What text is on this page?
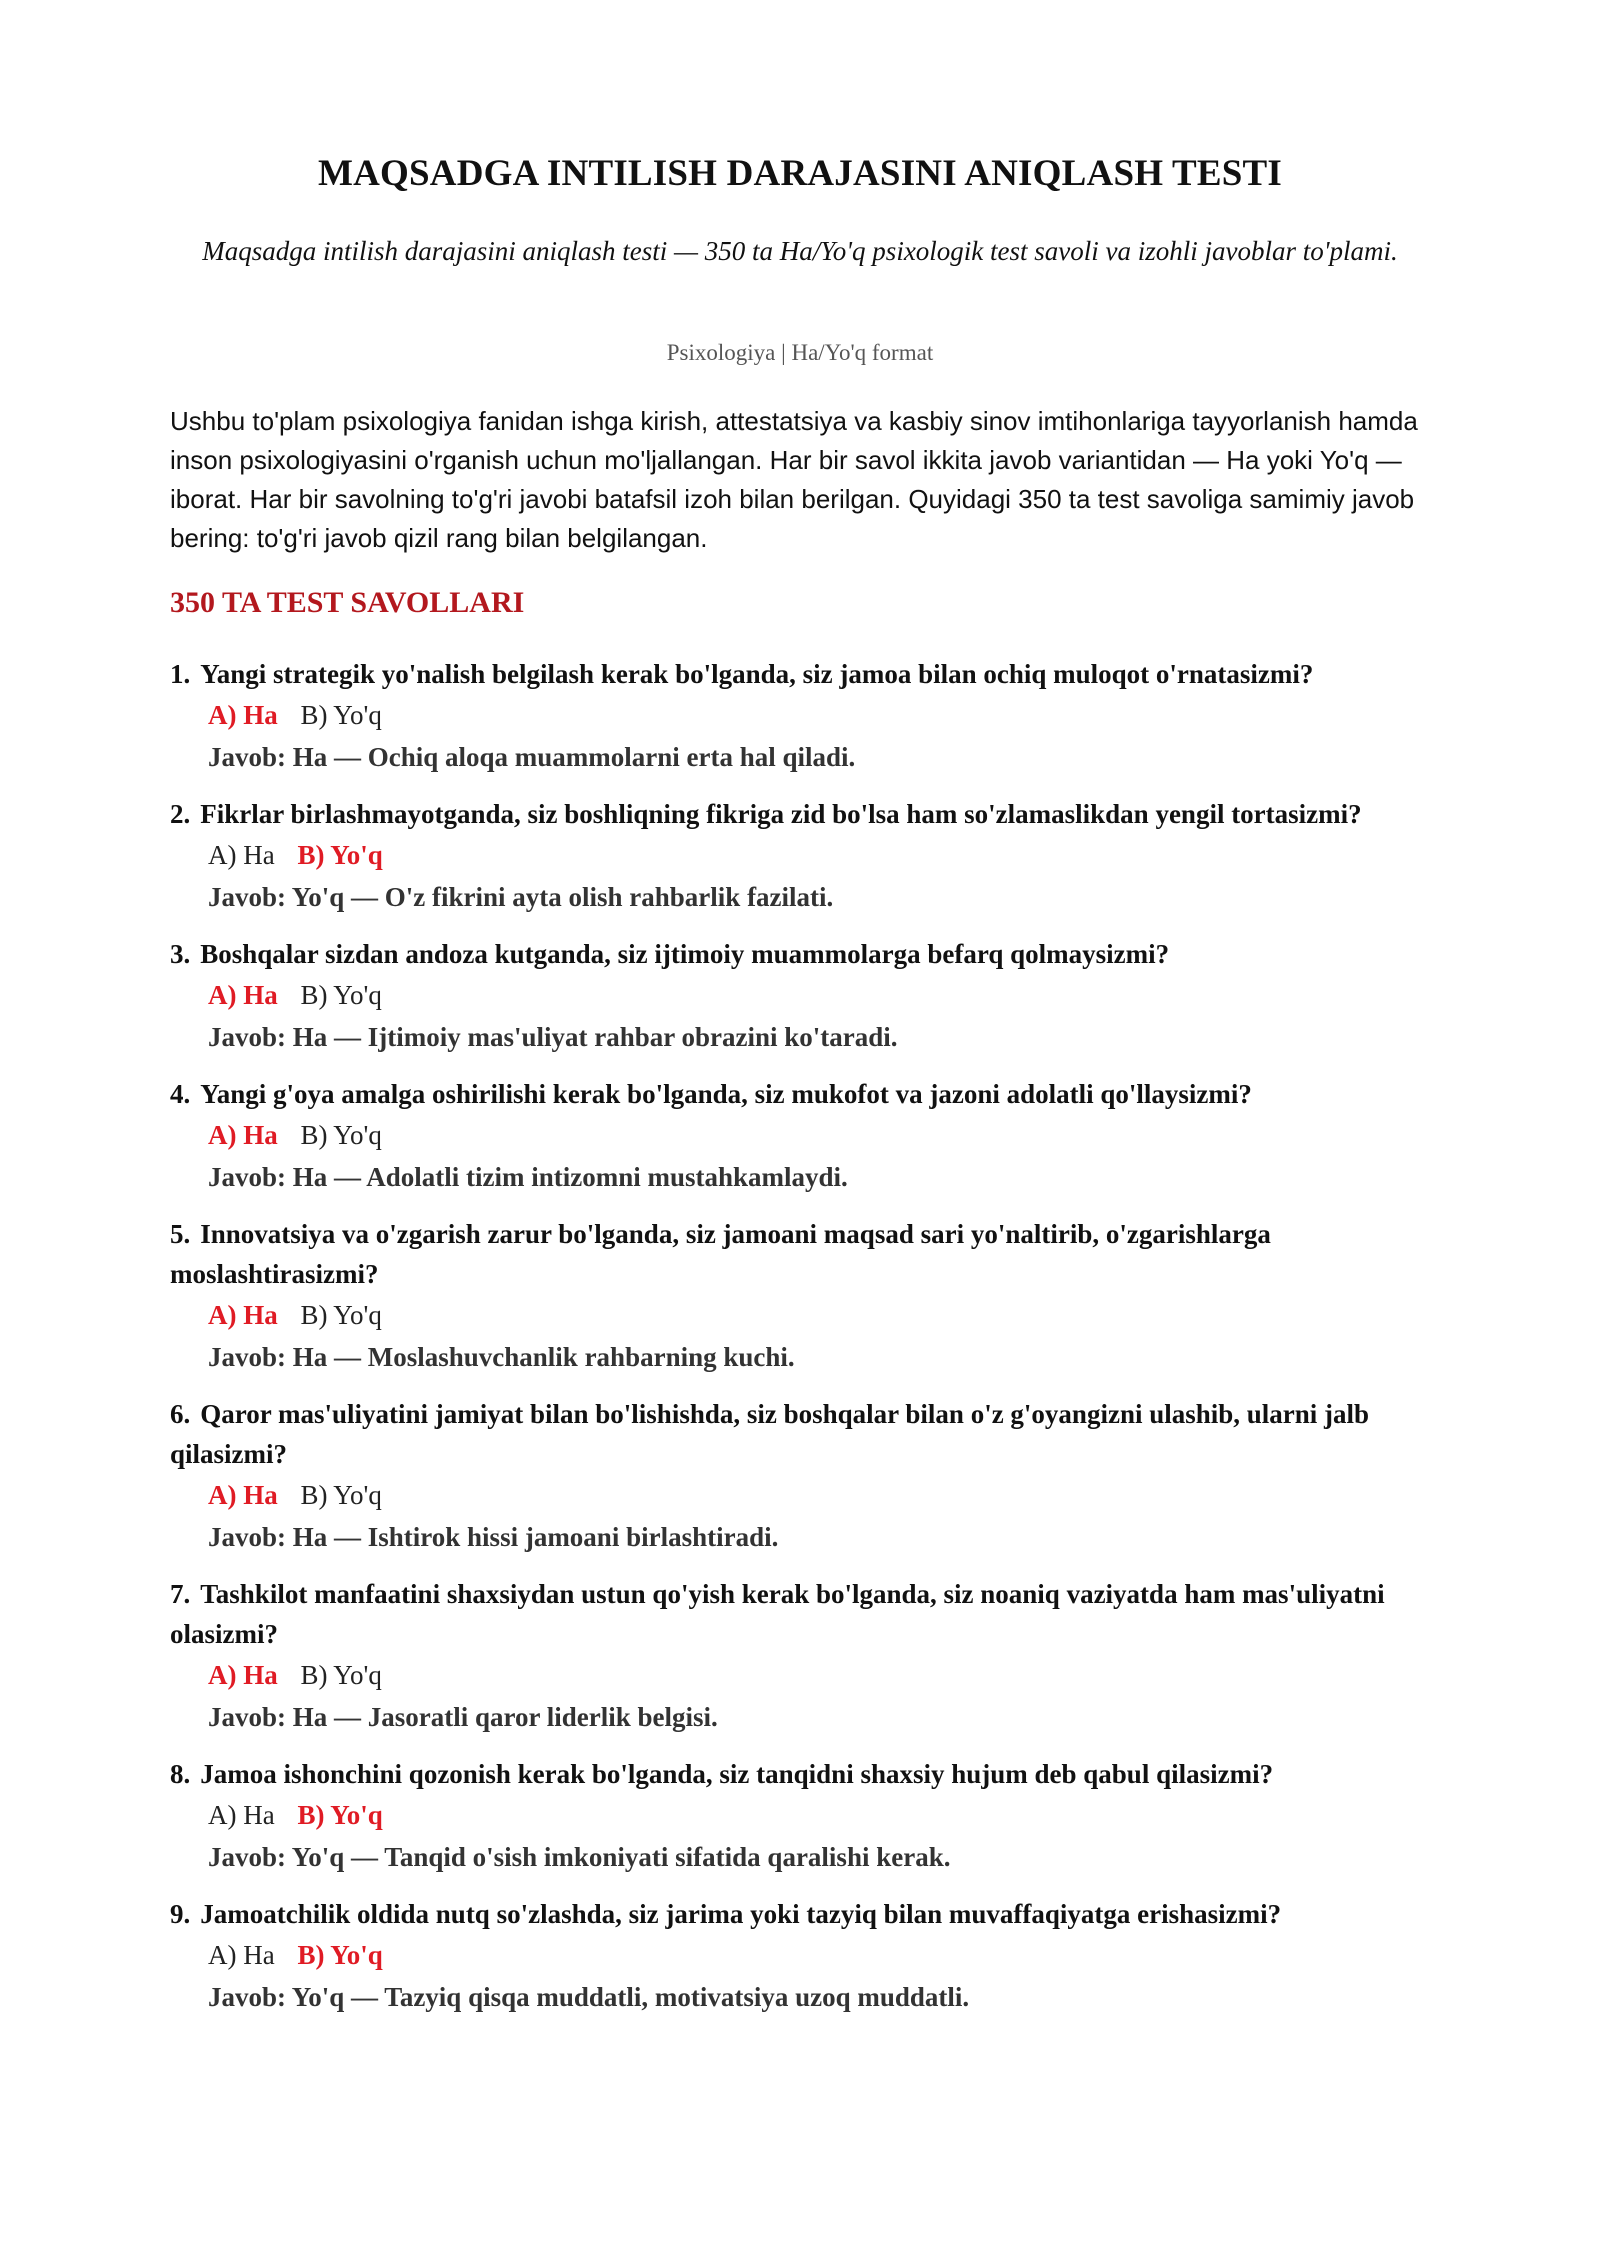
MAQSADGA INTILISH DARAJASINI ANIQLASH TESTI

Maqsadga intilish darajasini aniqlash testi — 350 ta Ha/Yo'q psixologik test savoli va izohli javoblar to'plami.

Psixologiya | Ha/Yo'q format

Ushbu to'plam psixologiya fanidan ishga kirish, attestatsiya va kasbiy sinov imtihonlariga tayyorlanish hamda inson psixologiyasini o'rganish uchun mo'ljallangan. Har bir savol ikkita javob variantidan — Ha yoki Yo'q — iborat. Har bir savolning to'g'ri javobi batafsil izoh bilan berilgan. Quyidagi 350 ta test savoliga samimiy javob bering: to'g'ri javob qizil rang bilan belgilangan.

350 TA TEST SAVOLLARI

1. Yangi strategik yo'nalish belgilash kerak bo'lganda, siz jamoa bilan ochiq muloqot o'rnatasizmi?

A) Ha B) Yo'q

Javob: Ha — Ochiq aloqa muammolarni erta hal qiladi.

2. Fikrlar birlashmayotganda, siz boshliqning fikriga zid bo'lsa ham so'zlamaslikdan yengil tortasizmi?

A) Ha B) Yo'q

Javob: Yo'q — O'z fikrini ayta olish rahbarlik fazilati.

3. Boshqalar sizdan andoza kutganda, siz ijtimoiy muammolarga befarq qolmaysizmi?

A) Ha B) Yo'q

Javob: Ha — Ijtimoiy mas'uliyat rahbar obrazini ko'taradi.

4. Yangi g'oya amalga oshirilishi kerak bo'lganda, siz mukofot va jazoni adolatli qo'llaysizmi?

A) Ha B) Yo'q

Javob: Ha — Adolatli tizim intizomni mustahkamlaydi.

5. Innovatsiya va o'zgarish zarur bo'lganda, siz jamoani maqsad sari yo'naltirib, o'zgarishlarga moslashtirasizmi?

A) Ha B) Yo'q

Javob: Ha — Moslashuvchanlik rahbarning kuchi.

6. Qaror mas'uliyatini jamiyat bilan bo'lishishda, siz boshqalar bilan o'z g'oyangizni ulashib, ularni jalb qilasizmi?

A) Ha B) Yo'q

Javob: Ha — Ishtirok hissi jamoani birlashtiradi.

7. Tashkilot manfaatini shaxsiydan ustun qo'yish kerak bo'lganda, siz noaniq vaziyatda ham mas'uliyatni olasizmi?

A) Ha B) Yo'q

Javob: Ha — Jasoratli qaror liderlik belgisi.

8. Jamoa ishonchini qozonish kerak bo'lganda, siz tanqidni shaxsiy hujum deb qabul qilasizmi?

A) Ha B) Yo'q

Javob: Yo'q — Tanqid o'sish imkoniyati sifatida qaralishi kerak.

9. Jamoatchilik oldida nutq so'zlashda, siz jarima yoki tazyiq bilan muvaffaqiyatga erishasizmi?

A) Ha B) Yo'q

Javob: Yo'q — Tazyiq qisqa muddatli, motivatsiya uzoq muddatli.
